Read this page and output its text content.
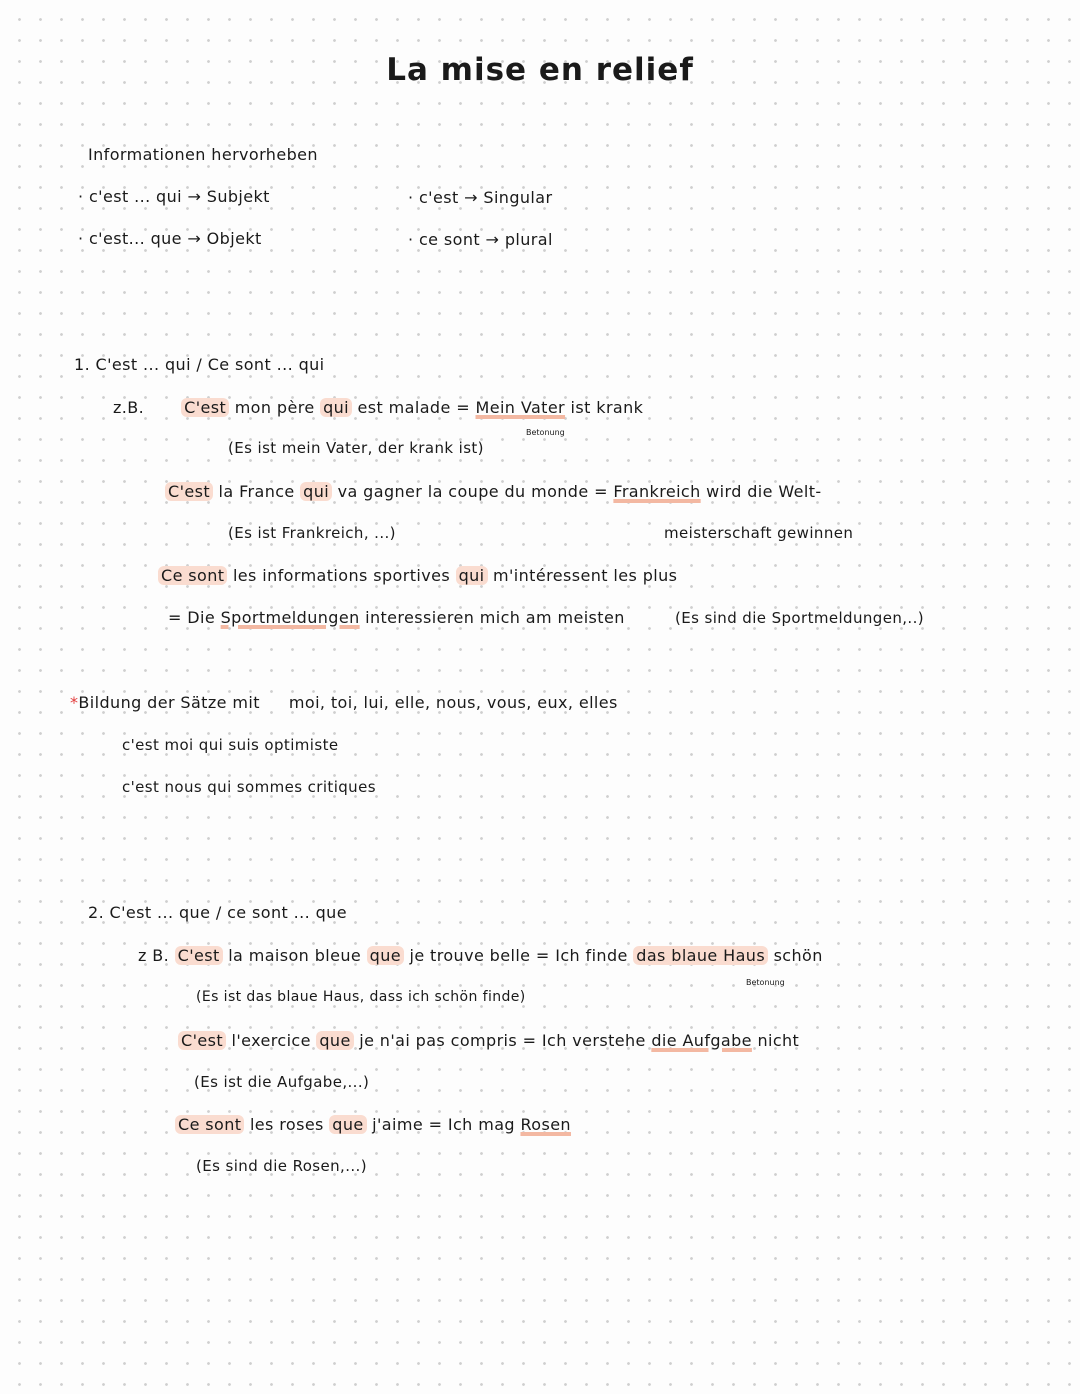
La mise en relief
Informationen hervorheben
· c'est ... qui → Subjekt
· c'est... que → Objekt
· c'est → Singular
· ce sont → plural
1. C'est ... qui / Ce sont ... qui
z.B.	C'est mon père qui est malade = Mein Vater ist krank
Betonung
(Es ist mein Vater, der krank ist)
C'est la France qui va gagner la coupe du monde = Frankreich wird die Welt-
(Es ist Frankreich, ...)	meisterschaft gewinnen
Ce sont les informations sportives qui m'intéressent les plus
= Die Sportmeldungen interessieren mich am meisten	(Es sind die Sportmeldungen,..)
*Bildung der Sätze mit moi, toi, lui, elle, nous, vous, eux, elles
c'est moi qui suis optimiste
c'est nous qui sommes critiques
2. C'est ... que / ce sont ... que
z B. C'est la maison bleue que je trouve belle = Ich finde das blaue Haus schön
Betonung
(Es ist das blaue Haus, dass ich schön finde)
C'est l'exercice que je n'ai pas compris = Ich verstehe die Aufgabe nicht
(Es ist die Aufgabe,...)
Ce sont les roses que j'aime = Ich mag Rosen
(Es sind die Rosen,...)
